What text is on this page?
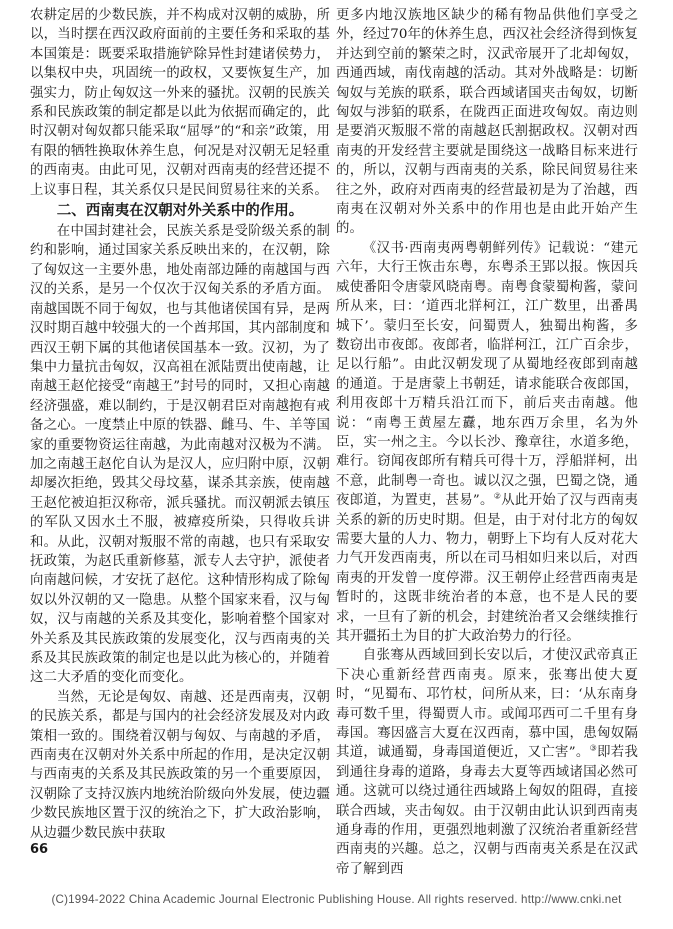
农耕定居的少数民族，并不构成对汉朝的威胁，所以，当时摆在西汉政府面前的主要任务和采取的基本国策是：既要采取措施铲除异性封建诸侯势力，以集权中央，巩固统一的政权，又要恢复生产，加强实力，防止匈奴这一外来的骚扰。汉朝的民族关系和民族政策的制定都是以此为依据而确定的，此时汉朝对匈奴都只能采取“屈辱”的“和亲”政策，用有限的牺牲换取休养生息，何况是对汉朝无足轻重的西南夷。由此可见，汉朝对西南夷的经营还提不上议事日程，其关系仅只是民间贸易往来的关系。

二、西南夷在汉朝对外关系中的作用。

在中国封建社会，民族关系是受阶级关系的制约和影响，通过国家关系反映出来的，在汉朝，除了匈奴这一主要外患，地处南部边陲的南越国与西汉的关系，是另一个仅次于汉匈关系的矛盾方面。南越国既不同于匈奴，也与其他诸侯国有异，是两汉时期百越中较强大的一个酋邦国，其内部制度和西汉王朝下属的其他诸侯国基本一致。汉初，为了集中力量抗击匈奴，汉高祖在派陆贾出使南越，让南越王赵佗接受“南越王”封号的同时，又担心南越经济强盛，难以制约，于是汉朝君臣对南越抱有戒备之心。一度禁止中原的铁器、雌马、牛、羊等国家的重要物资运往南越，为此南越对汉极为不满。加之南越王赵佗自认为是汉人，应归附中原，汉朝却屡次拒绝，毁其父母坟墓，谋杀其亲族，使南越王赵佗被迫拒汉称帝，派兵骚扰。而汉朝派去镇压的军队又因水土不服，被瘴疫所染，只得收兵讲和。从此，汉朝对叛服不常的南越，也只有采取安抚政策，为赵氏重新修墓，派专人去守护，派使者向南越问候，才安抚了赵佗。这种情形构成了除匈奴以外汉朝的又一隐患。从整个国家来看，汉与匈奴，汉与南越的关系及其变化，影响着整个国家对外关系及其民族政策的发展变化，汉与西南夷的关系及其民族政策的制定也是以此为核心的，并随着这二大矛盾的变化而变化。

当然，无论是匈奴、南越、还是西南夷，汉朝的民族关系，都是与国内的社会经济发展及对内政策相一致的。围绕着汉朝与匈奴、与南越的矛盾，西南夷在汉朝对外关系中所起的作用，是决定汉朝与西南夷的关系及其民族政策的另一个重要原因，汉朝除了支持汉族内地统治阶级向外发展，使边疆少数民族地区置于汉的统治之下，扩大政治影响，从边疆少数民族中获取

更多内地汉族地区缺少的稀有物品供他们享受之外，经过70年的休养生息，西汉社会经济得到恢复并达到空前的繁荣之时，汉武帝展开了北却匈奴，西通西域，南伐南越的活动。其对外战略是：切断匈奴与羌族的联系，联合西域诸国夹击匈奴，切断匈奴与涉貊的联系，在陇西正面进攻匈奴。南边则是要消灭叛服不常的南越赵氏割据政权。汉朝对西南夷的开发经营主要就是围绕这一战略目标来进行的，所以，汉朝与西南夷的关系，除民间贸易往来往之外，政府对西南夷的经营最初是为了治越，西南夷在汉朝对外关系中的作用也是由此开始产生的。

《汉书·西南夷两粤朝鲜列传》记载说：“建元六年，大行王恢击东粤，东粤杀王郢以报。恢因兵威使番阳令唐蒙风晓南粤。南粤食蒙蜀枸酱，蒙问所从来，曰：‘道西北牂柯江，江广数里，出番禺城下’。蒙归至长安，问蜀贾人，独蜀出枸酱，多数窃出市夜郎。夜郎者，临牂柯江，江广百余步，足以行船”。由此汉朝发现了从蜀地经夜郎到南越的通道。于是唐蒙上书朝廷，请求能联合夜郎国，利用夜郎十万精兵沿江而下，前后夹击南越。他说：“南粤王黄屋左纛，地东西万余里，名为外臣，实一州之主。今以长沙、豫章往，水道多绝，难行。窃闻夜郎所有精兵可得十万，浮船牂柯，出不意，此制粤一奇也。诚以汉之强，巴蜀之饶，通夜郎道，为置吏，甚易”。②从此开始了汉与西南夷关系的新的历史时期。但是，由于对付北方的匈奴需要大量的人力、物力，朝野上下均有人反对花大力气开发西南夷，所以在司马相如归来以后，对西南夷的开发曾一度停滞。汉王朝停止经营西南夷是暂时的，这既非统治者的本意，也不是人民的要求，一旦有了新的机会，封建统治者又会继续推行其开疆拓土为目的扩大政治势力的行径。

自张骞从西域回到长安以后，才使汉武帝真正下决心重新经营西南夷。原来，张骞出使大夏时，“见蜀布、邛竹杖，问所从来，曰：‘从东南身毒可数千里，得蜀贾人市。或闻邛西可二千里有身毒国。骞因盛言大夏在汉西南，慕中国，患匈奴隔其道，诚通蜀，身毒国道便近，又亡害”。③即若我到通往身毒的道路，身毒去大夏等西域诸国必然可通。这就可以绕过通往西域路上匈奴的阻碍，直接联合西域，夹击匈奴。由于汉朝由此认识到西南夷通身毒的作用，更强烈地刺激了汉统治者重新经营西南夷的兴趣。总之，汉朝与西南夷关系是在汉武帝了解到西

66
(C)1994-2022 China Academic Journal Electronic Publishing House. All rights reserved. http://www.cnki.net
